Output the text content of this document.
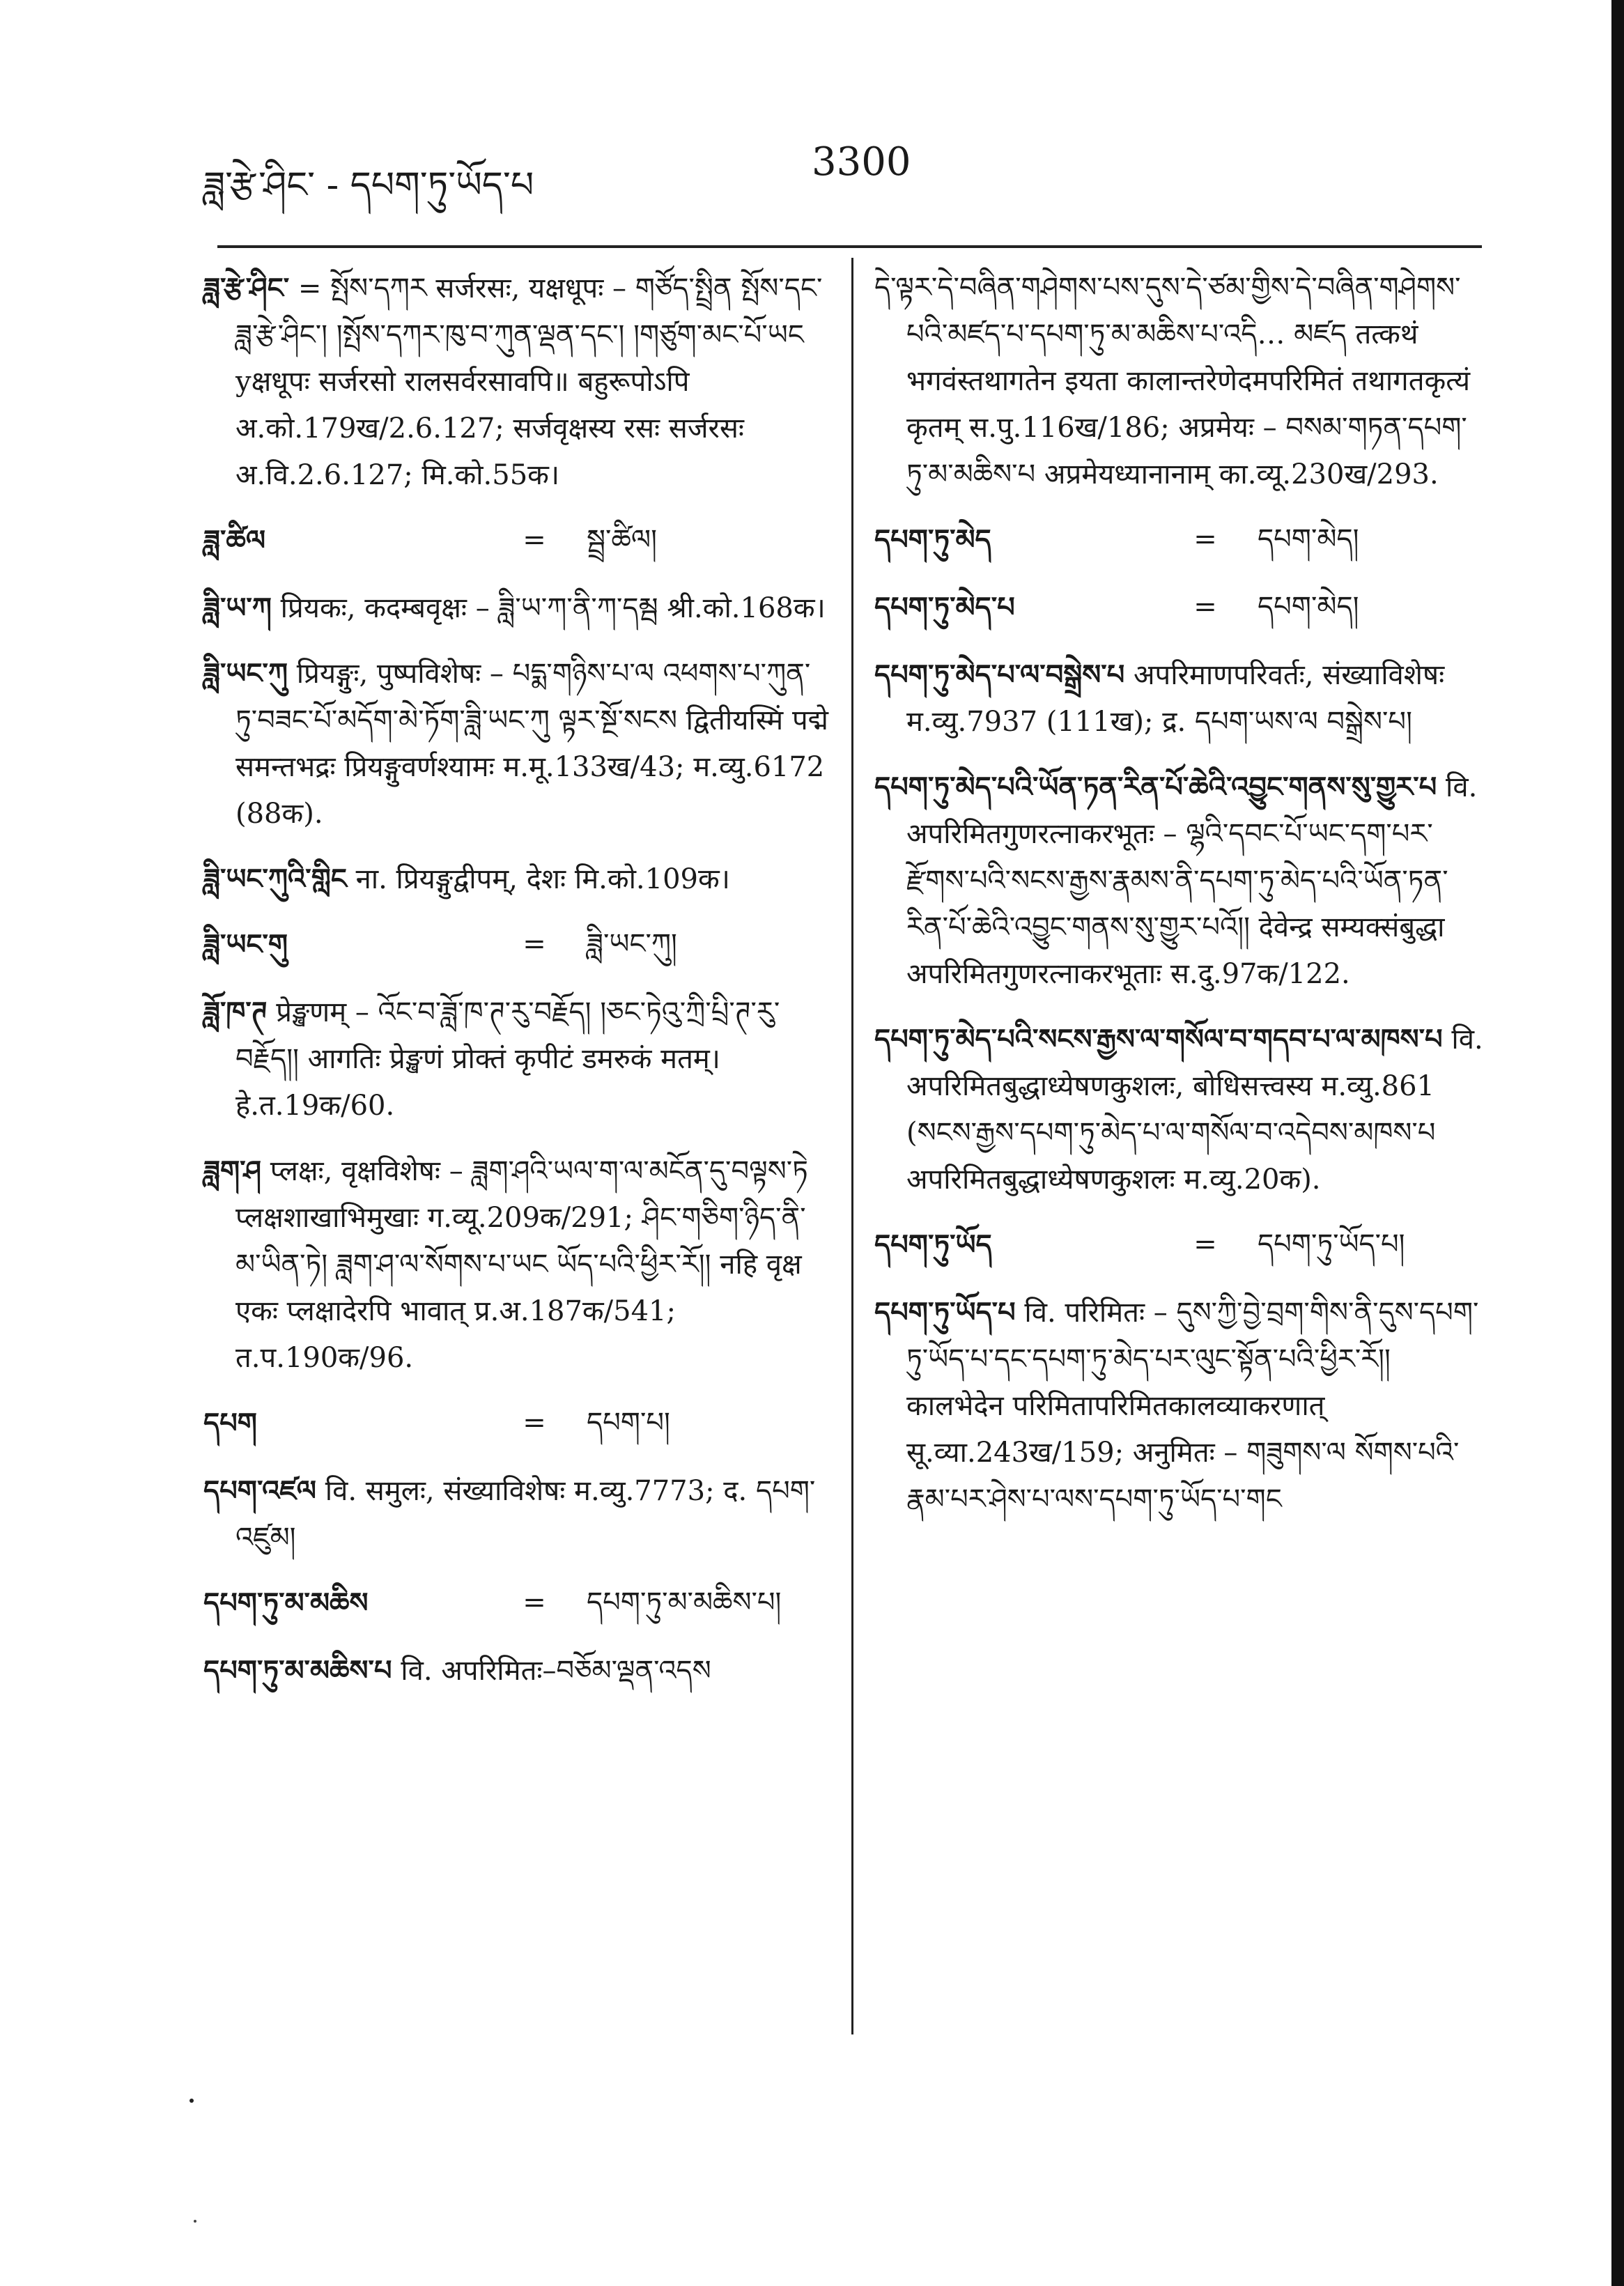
ཟླ་རྩེ་ཤིང་ - དཔག་ཏུ་ཡོད་པ
3300
ཟླ་རྩེ་ཤིང་ = སྤོས་དཀར सर्जरसः, यक्षधूपः – གཙོད་སྤྲིན སྤོས་དང་ཟླ་རྩེ་ཤིང་། །སྤོས་དཀར་ཁུ་བ་ཀུན་ལྡན་དང་། །གཙུག་མང་པོ་ཡང yक्षधूपः सर्जरसो रालसर्वरसावपि॥ बहुरूपोऽपि अ.को.179ख/2.6.127; सर्जवृक्षस्य रसः सर्जरसः अ.वि.2.6.127; मि.को.55क।
ཟླ་ཚིལ	=	སྦྲ་ཚིལ།
ཟླི་ཡ་ཀ प्रियकः, कदम्बवृक्षः – ཟླི་ཡ་ཀ་ནི་ཀ་དམྦ श्री.को.168क।
ཟླི་ཡང་ཀུ प्रियङ्गुः, पुष्पविशेषः – པདྨ་གཉིས་པ་ལ འཕགས་པ་ཀུན་ཏུ་བཟང་པོ་མདོག་མེ་ཏོག་ཟླི་ཡང་ཀུ ལྟར་སྔོ་སངས द्वितीयस्मिं पद्मे समन्तभद्रः प्रियङ्गुवर्णश्यामः म.मू.133ख/43; म.व्यु.6172 (88क).
ཟླི་ཡང་ཀུའི་གླིང ना. प्रियङ्गुद्वीपम्, देशः मि.को.109क।
ཟླི་ཡང་གུ	=	ཟླི་ཡང་ཀུ།
ཟློ་ཁ་ཊ प्रेङ्खणम् – འོང་བ་ཟློ་ཁ་ཊ་རུ་བརྗོད། །ཅང་ཏེའུ་ཀྲི་པྲི་ཊ་རུ་བརྗོད།། आगतिः प्रेङ्खणं प्रोक्तं कृपीटं डमरुकं मतम्। हे.त.19क/60.
ཟླག་ཤ प्लक्षः, वृक्षविशेषः – ཟླག་ཤའི་ཡལ་ག་ལ་མངོན་དུ་བལྟས་ཏེ प्लक्षशाखाभिमुखाः ग.व्यू.209क/291; ཤིང་གཅིག་ཉིད་ནི་མ་ཡིན་ཏེ། ཟླག་ཤ་ལ་སོགས་པ་ཡང ཡོད་པའི་ཕྱིར་རོ།། नहि वृक्ष एकः प्लक्षादेरपि भावात् प्र.अ.187क/541; त.प.190क/96.
དཔག	=	དཔག་པ།
དཔག་འཛལ वि. समुलः, संख्याविशेषः म.व्यु.7773; द. དཔག་འཛུམ།
དཔག་ཏུ་མ་མཆིས	=	དཔག་ཏུ་མ་མཆིས་པ།
དཔག་ཏུ་མ་མཆིས་པ वि. अपरिमितः–བཅོམ་ལྡན་འདས
དེ་ལྟར་དེ་བཞིན་གཤེགས་པས་དུས་དེ་ཙམ་གྱིས་དེ་བཞིན་གཤེགས་པའི་མཛད་པ་དཔག་ཏུ་མ་མཆིས་པ་འདི… མཛད तत्कथं भगवंस्तथागतेन इयता कालान्तरेणेदमपरिमितं तथागतकृत्यं कृतम् स.पु.116ख/186; अप्रमेयः – བསམ་གཏན་དཔག་ཏུ་མ་མཆིས་པ अप्रमेयध्यानानाम् का.व्यू.230ख/293.
དཔག་ཏུ་མེད	=	དཔག་མེད།
དཔག་ཏུ་མེད་པ	=	དཔག་མེད།
དཔག་ཏུ་མེད་པ་ལ་བསྒྲེས་པ अपरिमाणपरिवर्तः, संख्याविशेषः म.व्यु.7937 (111ख); द्र. དཔག་ཡས་ལ བསྒྲེས་པ།
དཔག་ཏུ་མེད་པའི་ཡོན་ཏན་རིན་པོ་ཆེའི་འབྱུང་གནས་སུ་གྱུར་པ वि. अपरिमितगुणरत्नाकरभूतः – ལྷའི་དབང་པོ་ཡང་དག་པར་རྫོགས་པའི་སངས་རྒྱས་རྣམས་ནི་དཔག་ཏུ་མེད་པའི་ཡོན་ཏན་རིན་པོ་ཆེའི་འབྱུང་གནས་སུ་གྱུར་པའོ།། देवेन्द्र सम्यक्संबुद्धा अपरिमितगुणरत्नाकरभूताः स.दु.97क/122.
དཔག་ཏུ་མེད་པའི་སངས་རྒྱས་ལ་གསོལ་བ་གདབ་པ་ལ་མཁས་པ वि. अपरिमितबुद्धाध्येषणकुशलः, बोधिसत्त्वस्य म.व्यु.861 (སངས་རྒྱས་དཔག་ཏུ་མེད་པ་ལ་གསོལ་བ་འདེབས་མཁས་པ अपरिमितबुद्धाध्येषणकुशलः म.व्यु.20क).
དཔག་ཏུ་ཡོད	=	དཔག་ཏུ་ཡོད་པ།
དཔག་ཏུ་ཡོད་པ वि. परिमितः – དུས་ཀྱི་བྱེ་བྲག་གིས་ནི་དུས་དཔག་ཏུ་ཡོད་པ་དང་དཔག་ཏུ་མེད་པར་ལུང་སྟོན་པའི་ཕྱིར་རོ།། कालभेदेन परिमितापरिमितकालव्याकरणात् सू.व्या.243ख/159; अनुमितः – གཟུགས་ལ སོགས་པའི་རྣམ་པར་ཤེས་པ་ལས་དཔག་ཏུ་ཡོད་པ་གང
